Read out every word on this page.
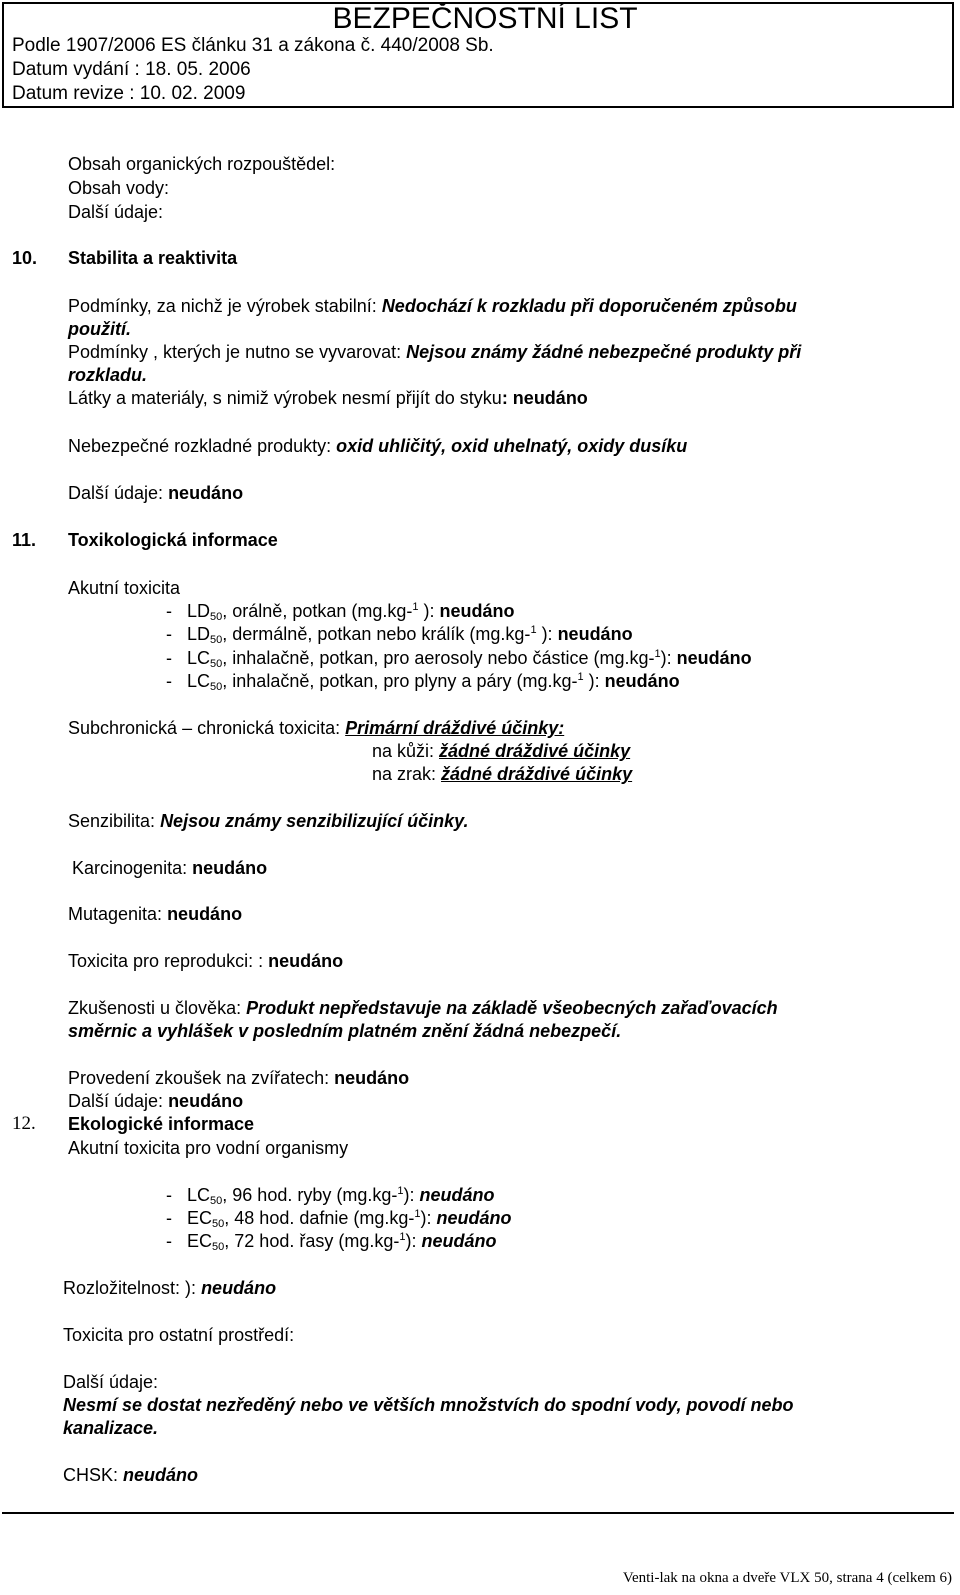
BEZPEČNOSTNÍ LIST
Podle 1907/2006 ES článku 31 a zákona č. 440/2008 Sb.
Datum vydání : 18. 05. 2006
Datum revize : 10. 02. 2009
Obsah organických rozpouštědel:
Obsah vody:
Další údaje:
10. Stabilita a reaktivita
Podmínky, za nichž je výrobek stabilní: Nedochází k rozkladu při doporučeném způsobu
použití.
Podmínky , kterých je nutno se vyvarovat: Nejsou známy žádné nebezpečné produkty při
rozkladu.
Látky a materiály, s nimiž výrobek nesmí přijít do styku: neudáno
Nebezpečné rozkladné produkty: oxid uhličitý, oxid uhelnatý, oxidy dusíku
Další údaje: neudáno
11. Toxikologická informace
Akutní toxicita
- $LD_{50}$, orálně, potkan (mg.kg-$^1$ ): neudáno
- $LD_{50}$, dermálně, potkan nebo králík (mg.kg-$^1$ ): neudáno
- $LC_{50}$, inhalačně, potkan, pro aerosoly nebo částice (mg.kg-$^1$): neudáno
- $LC_{50}$, inhalačně, potkan, pro plyny a páry (mg.kg-$^1$ ): neudáno
Subchronická – chronická toxicita: Primární dráždivé účinky:
na kůži: žádné dráždivé účinky
na zrak: žádné dráždivé účinky
Senzibilita: Nejsou známy senzibilizující účinky.
Karcinogenita: neudáno
Mutagenita: neudáno
Toxicita pro reprodukci: : neudáno
Zkušenosti u člověka: Produkt nepředstavuje na základě všeobecných zařaďovacích
směrnic a vyhlášek v posledním platném znění žádná nebezpečí.
Provedení zkoušek na zvířatech: neudáno
Další údaje: neudáno
12. Ekologické informace
Akutní toxicita pro vodní organismy
- $LC_{50}$, 96 hod. ryby (mg.kg-$^1$): neudáno
- $EC_{50}$, 48 hod. dafnie (mg.kg-$^1$): neudáno
- $EC_{50}$, 72 hod. řasy (mg.kg-$^1$): neudáno
Rozložitelnost: ): neudáno
Toxicita pro ostatní prostředí:
Další údaje:
Nesmí se dostat nezředěný nebo ve větších množstvích do spodní vody, povodí nebo
kanalizace.
CHSK: neudáno
Venti-lak na okna a dveře VLX 50, strana 4 (celkem 6)
